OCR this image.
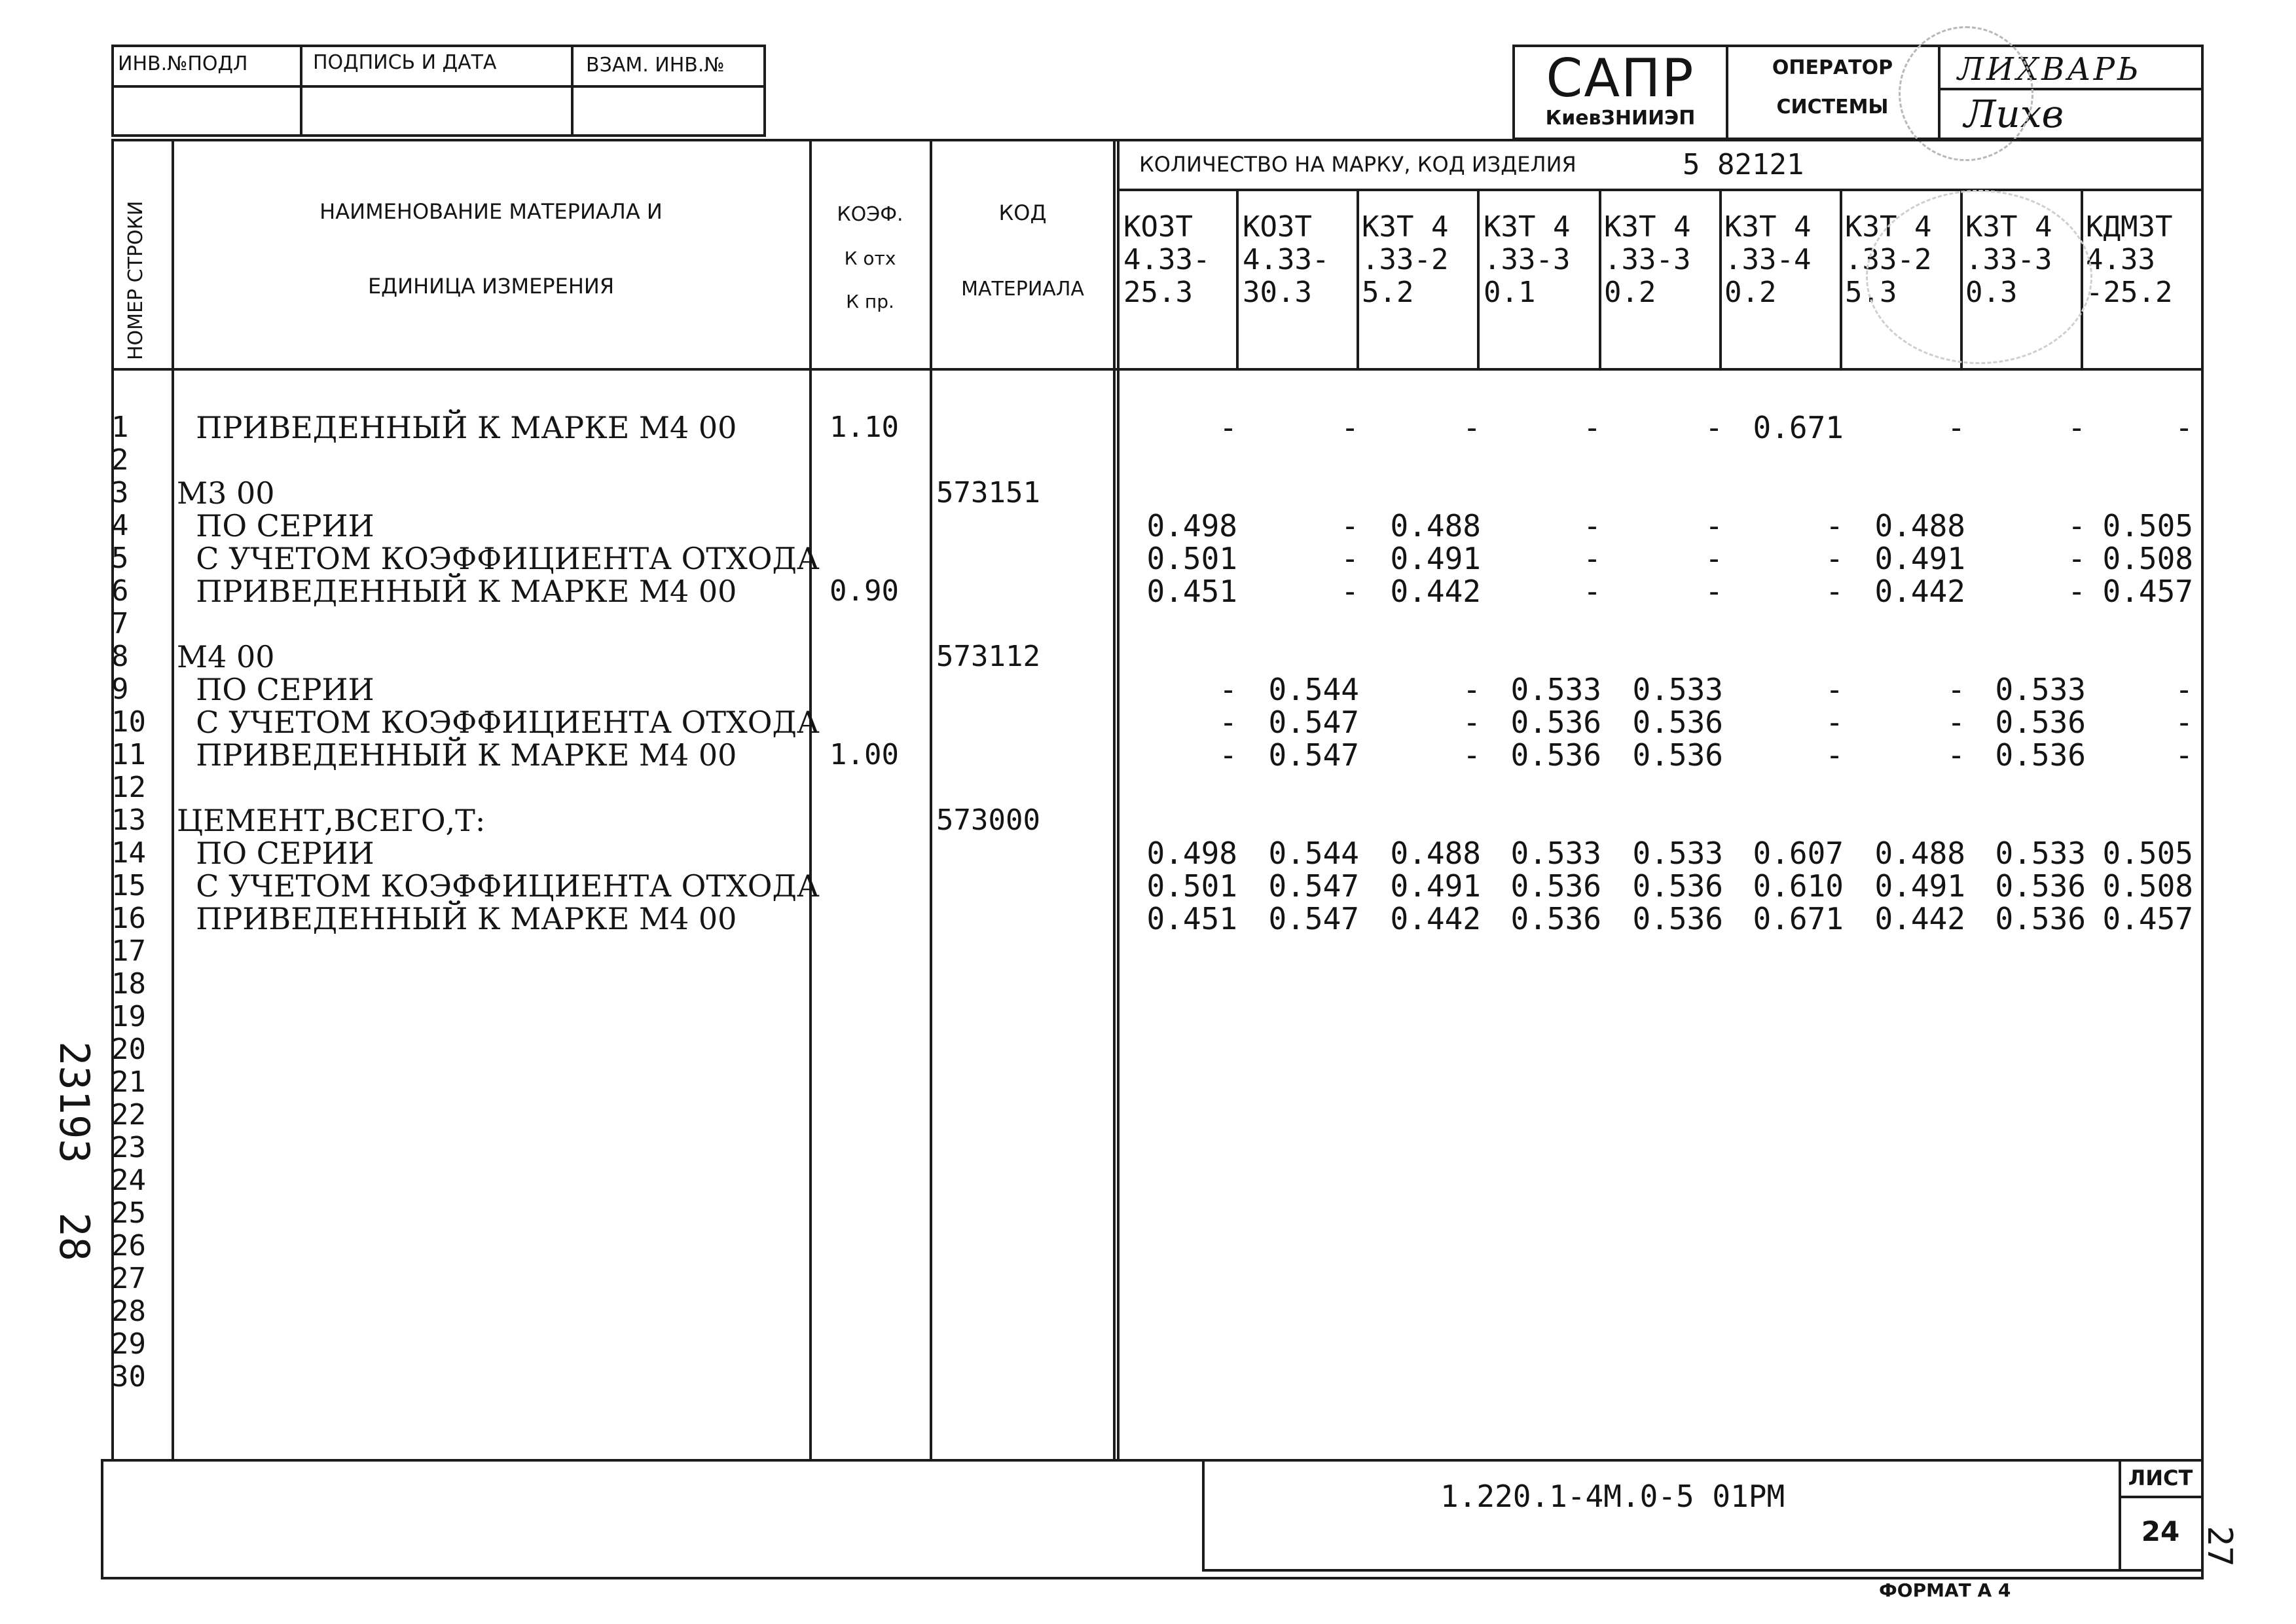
ИНВ.№ПОДЛ	ПОДПИСЬ И ДАТА	ВЗАМ. ИНВ.№	САПР
КиевЗНИИЭП
ОПЕРАТОР
СИСТЕМЫ
ЛИХВАРЬ
Лихв
НОМЕР СТРОКИ	НАИМЕНОВАНИЕ МАТЕРИАЛА И
ЕДИНИЦА ИЗМЕРЕНИЯ
КОЭФ.
К отх
К пр.
КОД
МАТЕРИАЛА
КОЛИЧЕСТВО НА МАРКУ, КОД ИЗДЕЛИЯ	5 82121
КО3Т
4.33-
25.3
КО3Т
4.33-
30.3
К3Т 4
.33-2
5.2
К3Т 4
.33-3
0.1
К3Т 4
.33-3
0.2
К3Т 4
.33-4
0.2
К3Т 4
.33-2
5.3
К3Т 4
.33-3
0.3
КДМ3Т
4.33
-25.2
1	ПРИВЕДЕННЫЙ К МАРКЕ М4 00	1.10	-	-	-	-	- 0.671	-	-	-
2
3	М3 00	573151
4	ПО СЕРИИ	0.498	-	0.488	-	-	-	0.488	- 0.505
5	С УЧЕТОМ КОЭФФИЦИЕНТА ОТХОДА	0.501	-	0.491	-	-	-	0.491	- 0.508
6	ПРИВЕДЕННЫЙ К МАРКЕ М4 00	0.90	0.451	-	0.442	-	-	-	0.442	- 0.457
7
8	М4 00	573112
9	ПО СЕРИИ	-	0.544	- 0.533	0.533	-	- 0.533	-
10	С УЧЕТОМ КОЭФФИЦИЕНТА ОТХОДА	-	0.547	- 0.536	0.536	-	- 0.536	-
11	ПРИВЕДЕННЫЙ К МАРКЕ М4 00	1.00	-	0.547	- 0.536	0.536	-	- 0.536	-
12
13	ЦЕМЕНТ,ВСЕГО,Т:	573000
14	ПО СЕРИИ	0.498	0.544	0.488 0.533	0.533 0.607	0.488 0.533 0.505
15	С УЧЕТОМ КОЭФФИЦИЕНТА ОТХОДА	0.501	0.547	0.491 0.536	0.536 0.610	0.491 0.536 0.508
16	ПРИВЕДЕННЫЙ К МАРКЕ М4 00	0.451	0.547	0.442 0.536	0.536 0.671	0.442 0.536 0.457
17
18
19
20
21
22
23
24
25
26
27
28
29
30
1.220.1-4М.0-5 01РМ
ЛИСТ
24
ФОРМАТ А 4
27
23193  28
